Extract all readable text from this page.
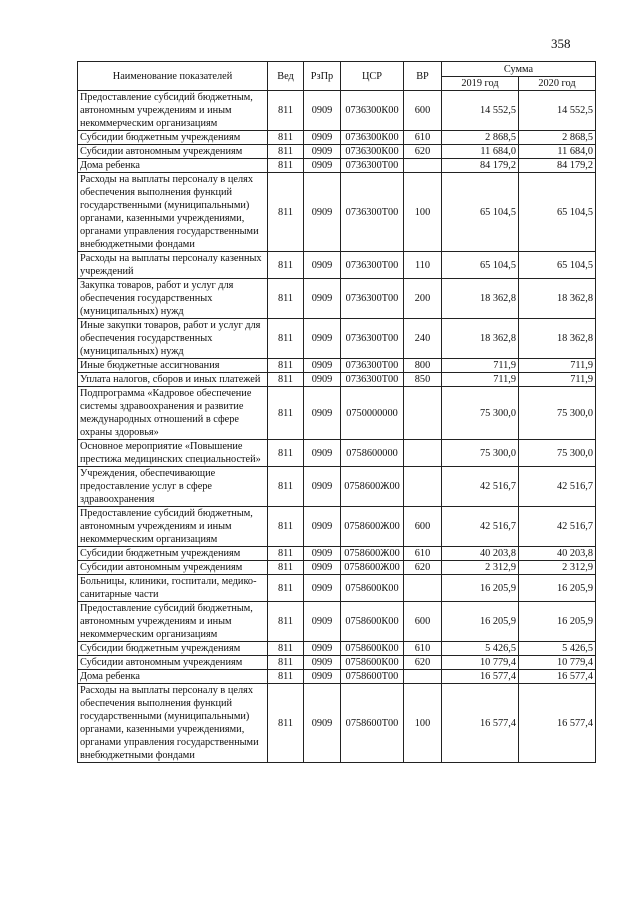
358
Наименование показателей	Вед	РзПр	ЦСР	ВР	Сумма	
					2019 год	2020 год
Предоставление субсидий бюджетным, автономным учреждениям и иным некоммерческим организациям	811	0909	0736300К00	600	14 552,5	14 552,5
Субсидии бюджетным учреждениям	811	0909	0736300К00	610	2 868,5	2 868,5
Субсидии автономным учреждениям	811	0909	0736300К00	620	11 684,0	11 684,0
Дома ребенка	811	0909	0736300Т00		84 179,2	84 179,2
Расходы на выплаты персоналу в целях обеспечения выполнения функций государственными (муниципальными) органами, казенными учреждениями, органами управления государственными внебюджетными фондами	811	0909	0736300Т00	100	65 104,5	65 104,5
Расходы на выплаты персоналу казенных учреждений	811	0909	0736300Т00	110	65 104,5	65 104,5
Закупка товаров, работ и услуг для обеспечения государственных (муниципальных) нужд	811	0909	0736300Т00	200	18 362,8	18 362,8
Иные закупки товаров, работ и услуг для обеспечения государственных (муниципальных) нужд	811	0909	0736300Т00	240	18 362,8	18 362,8
Иные бюджетные ассигнования	811	0909	0736300Т00	800	711,9	711,9
Уплата налогов, сборов и иных платежей	811	0909	0736300Т00	850	711,9	711,9
Подпрограмма «Кадровое обеспечение системы здравоохранения и развитие международных отношений в сфере охраны здоровья»	811	0909	0750000000		75 300,0	75 300,0
Основное мероприятие «Повышение престижа медицинских специальностей»	811	0909	0758600000		75 300,0	75 300,0
Учреждения, обеспечивающие предоставление услуг в сфере здравоохранения	811	0909	0758600Ж00		42 516,7	42 516,7
Предоставление субсидий бюджетным, автономным учреждениям и иным некоммерческим организациям	811	0909	0758600Ж00	600	42 516,7	42 516,7
Субсидии бюджетным учреждениям	811	0909	0758600Ж00	610	40 203,8	40 203,8
Субсидии автономным учреждениям	811	0909	0758600Ж00	620	2 312,9	2 312,9
Больницы, клиники, госпитали, медико-санитарные части	811	0909	0758600К00		16 205,9	16 205,9
Предоставление субсидий бюджетным, автономным учреждениям и иным некоммерческим организациям	811	0909	0758600К00	600	16 205,9	16 205,9
Субсидии бюджетным учреждениям	811	0909	0758600К00	610	5 426,5	5 426,5
Субсидии автономным учреждениям	811	0909	0758600К00	620	10 779,4	10 779,4
Дома ребенка	811	0909	0758600Т00		16 577,4	16 577,4
Расходы на выплаты персоналу в целях обеспечения выполнения функций государственными (муниципальными) органами, казенными учреждениями, органами управления государственными внебюджетными фондами	811	0909	0758600Т00	100	16 577,4	16 577,4
